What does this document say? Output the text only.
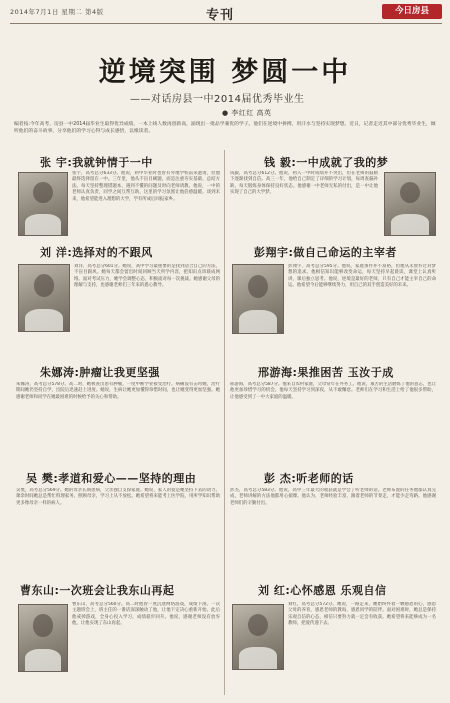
2014年7月1日 星期二 第4版	专刊	今日房县
逆境突围 梦圆一中
——对话房县一中2014届优秀毕业生
● 李红红 高英
编者按:今年高考，房县一中2014届毕业生取得优异成绩，一本上线人数再创新高，涌现出一批品学兼优的学子。他们在逆境中拼搏，用汗水与坚持实现梦想。近日，记者走近其中部分优秀毕业生，倾听他们的奋斗故事，分享他们的学习心得与成长感悟，以飨读者。
张 宇:我就钟情于一中
张宇，高考总分633分。他说，初中毕业时也曾有外地学校前来邀请，但他最终选择留在一中。三年里，他从不盲目刷题，而是注重夯实基础、总结方法。每天坚持整理错题本，遇到不懂的问题及时向老师请教。他说，一中的老师认真负责，同学之间互帮互助，这里的学习氛围让他倍感温暖。谈到未来，他希望能进入理想的大学，学有所成后回报家乡。
钱 毅:一中成就了我的梦
钱毅，高考总分612分。他说，初入一中时成绩并不突出，但在老师的鼓励下逐渐找到自信。高三一年，他给自己制定了详细的学习计划，每周查漏补缺，每天锻炼身体保持良好状态。他感谢一中老师无私的付出，是一中让他实现了自己的大学梦。
刘 洋:选择对的不跟风
刘洋，高考总分601分。她说，高中学习最重要的是找到适合自己的方法，不盲目跟风。她每天都会留出时间回顾当天所学内容，把知识点串联成网络。面对考试压力，她学会调整心态，积极面对每一次挑战。她感谢父母的理解与支持，也感谢老师们三年来的悉心教导。
彭翔宇:做自己命运的主宰者
彭翔宇，高考总分595分。他说，家庭条件并不富裕，但他从未放弃过对梦想的追求。他相信知识能够改变命运，每天坚持早起晨读，课堂上认真听讲，课后独立思考。他说，逆境是最好的老师，只有自己才能主宰自己的命运。他希望今后能够继续努力，用自己的双手创造美好的未来。
朱娜涛:肿瘤让我更坚强
朱娜涛，高考总分578分。高二时，她被查出患有肿瘤，一度中断学业接受治疗。病痛没有击垮她，治疗期间她仍坚持自学，出院后迅速赶上进度。她说，生病让她更加懂得珍惜时间，也让她变得更加坚强。她感谢老师和同学在她最困难的时候给予的关心和帮助。
邢游海:果推困苦 玉汝于成
邢游海，高考总分587分。他来自农村家庭，父母常年在外务工。他说，艰苦的生活磨炼了他的意志，也让他更加珍惜学习的机会。他每天坚持学习到深夜，从不敢懈怠。老师们在学习和生活上给了他很多帮助，让他感受到了一中大家庭的温暖。
吴 樊:孝道和爱心——坚持的理由
吴樊，高考总分569分。她的母亲长期患病，父亲独自支撑家庭。她说，家人的爱是她坚持下去的动力。课余时间她总是帮忙料理家务、照顾母亲，学习上从不放松。她希望将来能考上医学院，用所学知识帮助更多像母亲一样的病人。
彭 杰:听老师的话
彭杰，高考总分583分。他说，高中三年最大的收获就是学会了听老师的话。老师布置的任务他都认真完成，老师讲解的方法他都用心揣摩。他认为，老师经验丰富，跟着老师的节奏走，才能少走弯路。他感谢老师们的辛勤付出。
曹东山:一次班会让我东山再起
曹东山，高考总分560分。高二时他曾一度沉迷网络游戏，成绩下滑。一次主题班会上，班主任的一番话深深触动了他，让他下定决心重新开始。此后他戒掉游戏，全身心投入学习，成绩稳步回升。他说，感谢老师没有放弃他，让他实现了东山再起。
刘 红:心怀感恩 乐观自信
刘红，高考总分572分。她说，一路走来，她始终怀着一颗感恩的心，感恩父母的养育，感恩老师的教诲，感恩同学的陪伴。面对困难时，她总是保持乐观自信的心态，相信只要努力就一定会有收获。她希望将来能够成为一名教师，把爱传递下去。
